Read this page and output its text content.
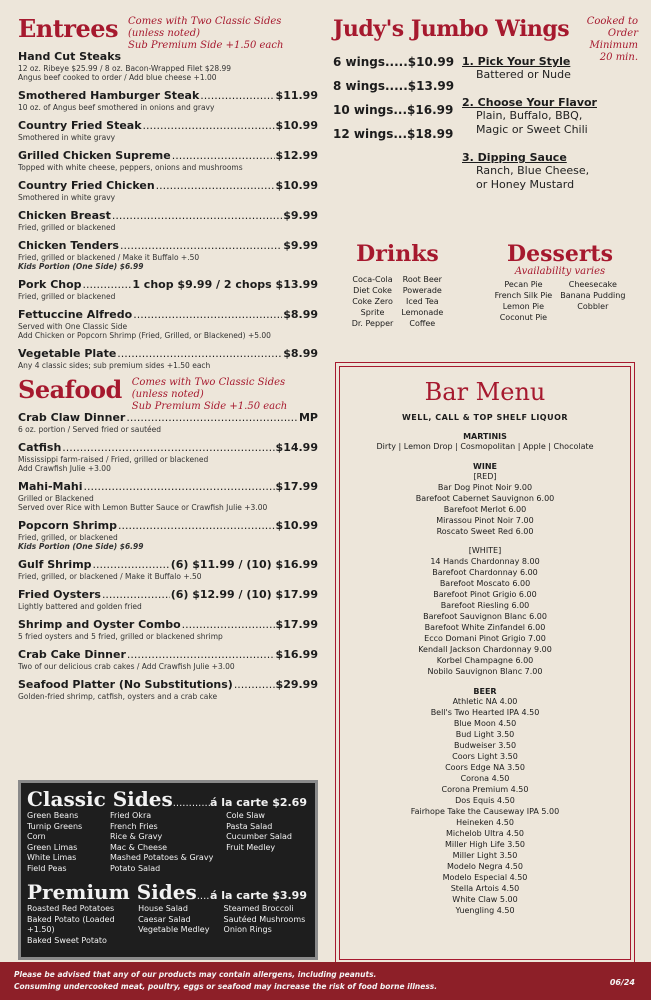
Entrees Comes with Two Classic Sides (unless noted)
Sub Premium Side +1.50 each
Hand Cut Steaks
12 oz. Ribeye $25.99 / 8 oz. Bacon-Wrapped Filet $28.99
Angus beef cooked to order / Add blue cheese +1.00
Smothered Hamburger Steak .....	$11.99
10 oz. of Angus beef smothered in onions and gravy
Country Fried Steak .....	$10.99
Smothered in white gravy
Grilled Chicken Supreme .....	$12.99
Topped with white cheese, peppers, onions and mushrooms
Country Fried Chicken .....	$10.99
Smothered in white gravy
Chicken Breast .....	$9.99
Fried, grilled or blackened
Chicken Tenders .....	$9.99
Fried, grilled or blackened / Make it Buffalo +.50
Kids Portion (One Side) $6.99
Pork Chop .....	1 chop $9.99 / 2 chops $13.99
Fried, grilled or blackened
Fettuccine Alfredo .....	$8.99
Served with One Classic Side
Add Chicken or Popcorn Shrimp (Fried, Grilled, or Blackened) +5.00
Vegetable Plate .....	$8.99
Any 4 classic sides; sub premium sides +1.50 each
Seafood Comes with Two Classic Sides (unless noted)
Sub Premium Side +1.50 each
Crab Claw Dinner .....	MP
6 oz. portion / Served fried or sautéed
Catfish .....	$14.99
Mississippi farm-raised / Fried, grilled or blackened
Add Crawfish Julie +3.00
Mahi-Mahi .....	$17.99
Grilled or Blackened
Served over Rice with Lemon Butter Sauce or Crawfish Julie +3.00
Popcorn Shrimp .....	$10.99
Fried, grilled, or blackened
Kids Portion (One Side) $6.99
Gulf Shrimp .....	(6) $11.99 / (10) $16.99
Fried, grilled, or blackened / Make it Buffalo +.50
Fried Oysters .....	(6) $12.99 / (10) $17.99
Lightly battered and golden fried
Shrimp and Oyster Combo .....	$17.99
5 fried oysters and 5 fried, grilled or blackened shrimp
Crab Cake Dinner .....	$16.99
Two of our delicious crab cakes / Add Crawfish Julie +3.00
Seafood Platter (No Substitutions) .....	$29.99
Golden-fried shrimp, catfish, oysters and a crab cake
Judy's Jumbo Wings	Cooked to Order
Minimum 20 min.
6 wings.....$10.99
8 wings.....$13.99
10 wings...$16.99
12 wings...$18.99
1. Pick Your Style
Battered or Nude
2. Choose Your Flavor
Plain, Buffalo, BBQ,
Magic or Sweet Chili
3. Dipping Sauce
Ranch, Blue Cheese,
or Honey Mustard
Drinks
Coca-Cola
Diet Coke
Coke Zero
Sprite
Dr. Pepper
Root Beer
Powerade
Iced Tea
Lemonade
Coffee
Desserts
Availability varies
Pecan Pie
French Silk Pie
Lemon Pie
Coconut Pie
Cheesecake
Banana Pudding
Cobbler
Bar Menu
WELL, CALL & TOP SHELF LIQUOR
MARTINIS
Dirty | Lemon Drop | Cosmopolitan | Apple | Chocolate
WINE
[RED]
Bar Dog Pinot Noir 9.00
Barefoot Cabernet Sauvignon 6.00
Barefoot Merlot 6.00
Mirassou Pinot Noir 7.00
Roscato Sweet Red 6.00
[WHITE]
14 Hands Chardonnay 8.00
Barefoot Chardonnay 6.00
Barefoot Moscato 6.00
Barefoot Pinot Grigio 6.00
Barefoot Riesling 6.00
Barefoot Sauvignon Blanc 6.00
Barefoot White Zinfandel 6.00
Ecco Domani Pinot Grigio 7.00
Kendall Jackson Chardonnay 9.00
Korbel Champagne 6.00
Nobilo Sauvignon Blanc 7.00
BEER
Athletic NA 4.00
Bell's Two Hearted IPA 4.50
Blue Moon 4.50
Bud Light 3.50
Budweiser 3.50
Coors Light 3.50
Coors Edge NA 3.50
Corona 4.50
Corona Premium 4.50
Dos Equis 4.50
Fairhope Take the Causeway IPA 5.00
Heineken 4.50
Michelob Ultra 4.50
Miller High Life 3.50
Miller Light 3.50
Modelo Negra 4.50
Modelo Especial 4.50
Stella Artois 4.50
White Claw 5.00
Yuengling 4.50
Classic Sides .....	á la carte $2.69
Green Beans
Turnip Greens
Corn
Green Limas
White Limas
Field Peas
Fried Okra
French Fries
Rice & Gravy
Mac & Cheese
Mashed Potatoes & Gravy
Potato Salad
Cole Slaw
Pasta Salad
Cucumber Salad
Fruit Medley
Premium Sides ..... á la carte $3.99
Roasted Red Potatoes
Baked Potato (Loaded +1.50)
Baked Sweet Potato
House Salad
Caesar Salad
Vegetable Medley
Steamed Broccoli
Sautéed Mushrooms
Onion Rings
Please be advised that any of our products may contain allergens, including peanuts.
Consuming undercooked meat, poultry, eggs or seafood may increase the risk of food borne illness.	06/24
